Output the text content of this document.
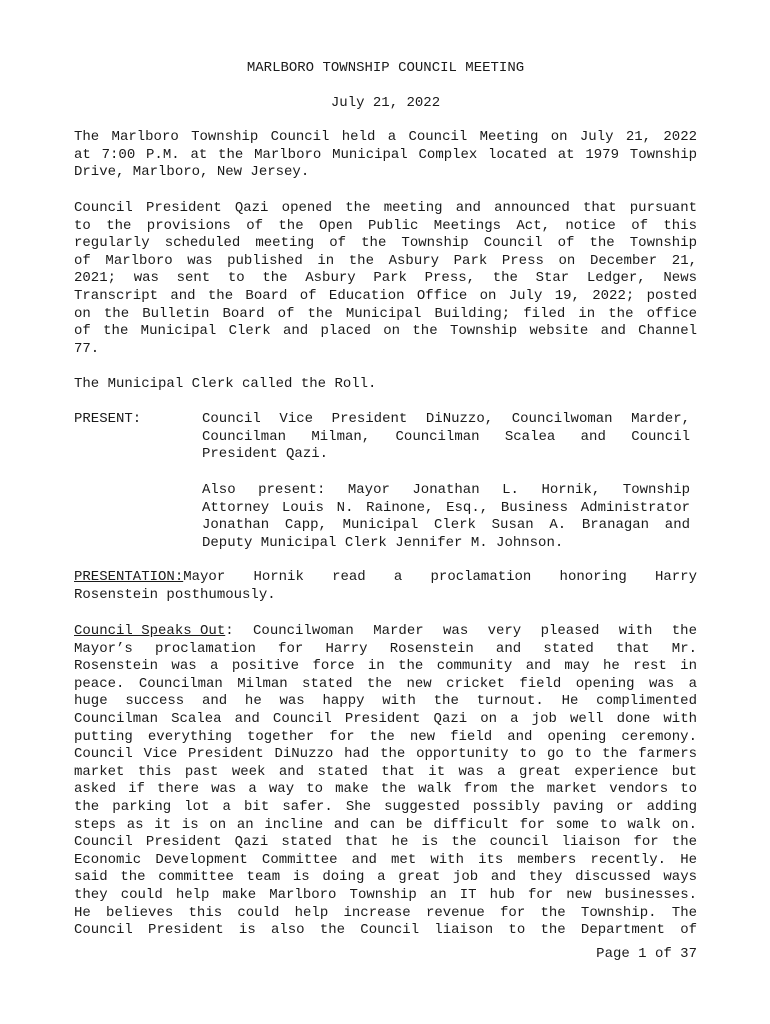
MARLBORO TOWNSHIP COUNCIL MEETING
July 21, 2022
The Marlboro Township Council held a Council Meeting on July 21, 2022
at 7:00 P.M. at the Marlboro Municipal Complex located at 1979 Township
Drive, Marlboro, New Jersey.
Council President Qazi opened the meeting and announced that pursuant
to the provisions of the Open Public Meetings Act, notice of this
regularly scheduled meeting of the Township Council of the Township
of Marlboro was published in the Asbury Park Press on December 21,
2021; was sent to the Asbury Park Press, the Star Ledger, News
Transcript and the Board of Education Office on July 19, 2022; posted
on the Bulletin Board of the Municipal Building; filed in the office
of the Municipal Clerk and placed on the Township website and Channel
77.
The Municipal Clerk called the Roll.
PRESENT:	Council Vice President DiNuzzo, Councilwoman Marder,
Councilman Milman, Councilman Scalea and Council
President Qazi.
Also present: Mayor Jonathan L. Hornik, Township
Attorney Louis N. Rainone, Esq., Business Administrator
Jonathan Capp, Municipal Clerk Susan A. Branagan and
Deputy Municipal Clerk Jennifer M. Johnson.
PRESENTATION: Mayor Hornik read a proclamation honoring Harry
Rosenstein posthumously.
Council Speaks Out : Councilwoman Marder was very pleased with the
Mayor’s proclamation for Harry Rosenstein and stated that Mr.
Rosenstein was a positive force in the community and may he rest in
peace. Councilman Milman stated the new cricket field opening was a
huge success and he was happy with the turnout. He complimented
Councilman Scalea and Council President Qazi on a job well done with
putting everything together for the new field and opening ceremony.
Council Vice President DiNuzzo had the opportunity to go to the farmers
market this past week and stated that it was a great experience but
asked if there was a way to make the walk from the market vendors to
the parking lot a bit safer. She suggested possibly paving or adding
steps as it is on an incline and can be difficult for some to walk on.
Council President Qazi stated that he is the council liaison for the
Economic Development Committee and met with its members recently. He
said the committee team is doing a great job and they discussed ways
they could help make Marlboro Township an IT hub for new businesses.
He believes this could help increase revenue for the Township. The
Council President is also the Council liaison to the Department of
Page 1 of 37
